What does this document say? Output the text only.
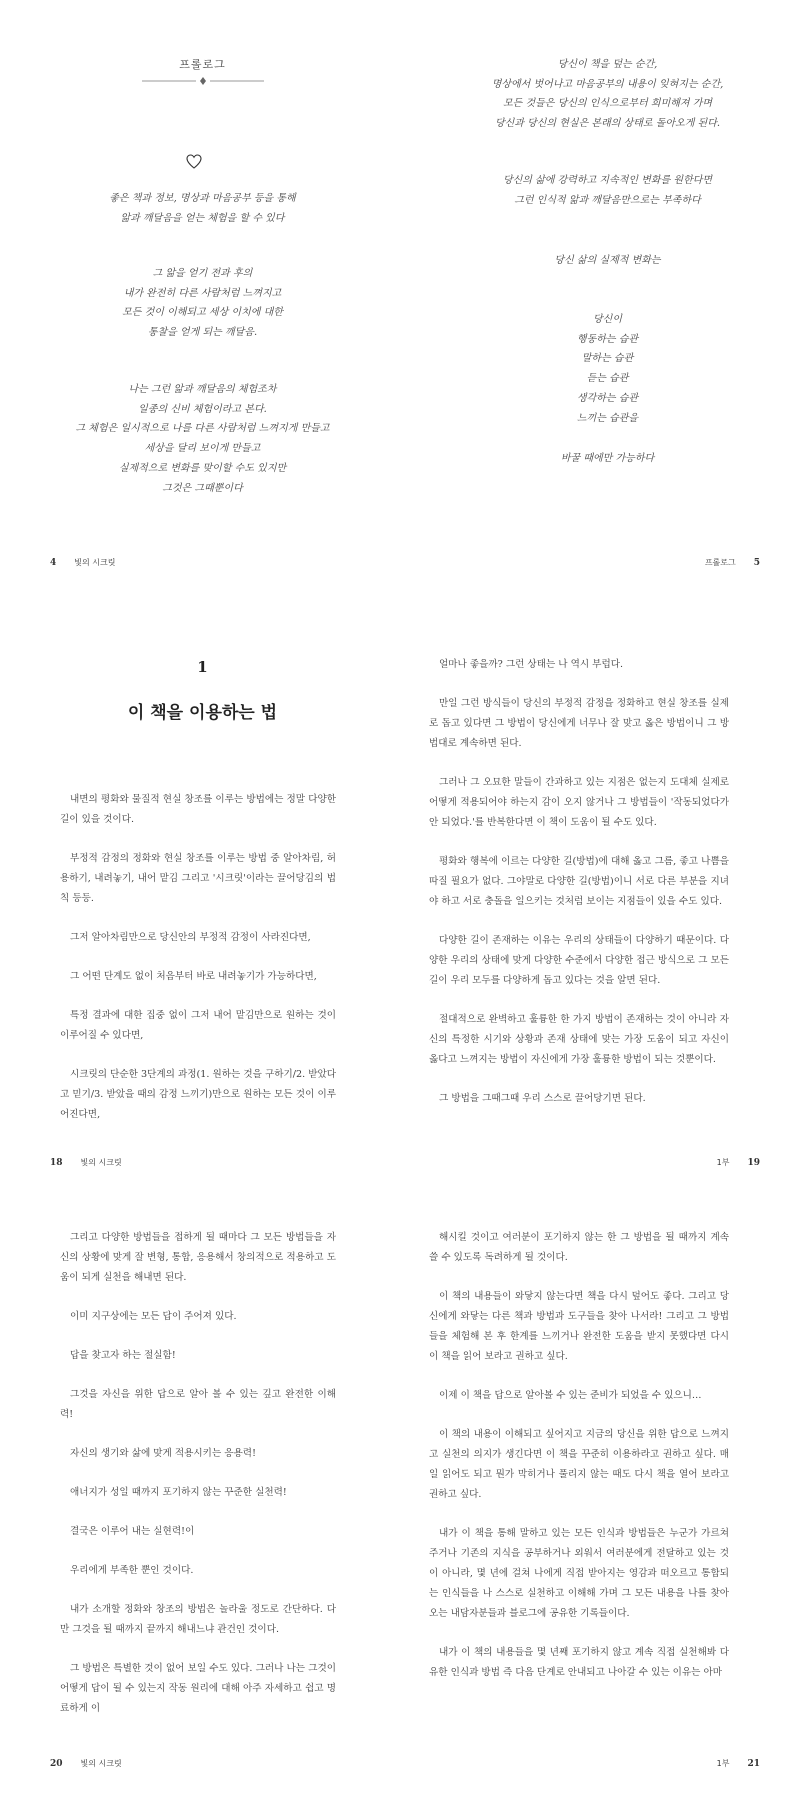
프롤로그

좋은 책과 정보, 명상과 마음공부 등을 통해

앎과 깨달음을 얻는 체험을 할 수 있다

그 앎을 얻기 전과 후의

내가 완전히 다른 사람처럼 느껴지고

모든 것이 이해되고 세상 이치에 대한

통찰을 얻게 되는 깨달음.

나는 그런 앎과 깨달음의 체험조차

일종의 신비 체험이라고 본다.

그 체험은 일시적으로 나를 다른 사람처럼 느껴지게 만들고

세상을 달리 보이게 만들고

실제적으로 변화를 맞이할 수도 있지만

그것은 그때뿐이다

4 빛의 시크릿

당신이 책을 덮는 순간,

명상에서 벗어나고 마음공부의 내용이 잊혀지는 순간,

모든 것들은 당신의 인식으로부터 희미해져 가며

당신과 당신의 현실은 본래의 상태로 돌아오게 된다.

당신의 삶에 강력하고 지속적인 변화를 원한다면

그런 인식적 앎과 깨달음만으로는 부족하다

당신 삶의 실제적 변화는

당신이

행동하는 습관

말하는 습관

듣는 습관

생각하는 습관

느끼는 습관을

바꿀 때에만 가능하다

프롤로그 5
1
이 책을 이용하는 법

내면의 평화와 물질적 현실 창조를 이루는 방법에는 정말 다양한 길이 있을 것이다.

부정적 감정의 정화와 현실 창조를 이루는 방법 중 알아차림, 허용하기, 내려놓기, 내어 맡김 그리고 '시크릿'이라는 끌어당김의 법칙 등등.

그저 알아차림만으로 당신안의 부정적 감정이 사라진다면,

그 어떤 단계도 없이 처음부터 바로 내려놓기가 가능하다면,

특정 결과에 대한 집중 없이 그저 내어 맡김만으로 원하는 것이 이루어질 수 있다면,

시크릿의 단순한 3단계의 과정(1. 원하는 것을 구하기/2. 받았다고 믿기/3. 받았을 때의 감정 느끼기)만으로 원하는 모든 것이 이루어진다면,

18 빛의 시크릿

얼마나 좋을까? 그런 상태는 나 역시 부럽다.

만일 그런 방식들이 당신의 부정적 감정을 정화하고 현실 창조를 실제로 돕고 있다면 그 방법이 당신에게 너무나 잘 맞고 옳은 방법이니 그 방법대로 계속하면 된다.

그러나 그 오묘한 말들이 간과하고 있는 지점은 없는지 도대체 실제로 어떻게 적용되어야 하는지 감이 오지 않거나 그 방법들이 '작동되었다가 안 되었다.'를 반복한다면 이 책이 도움이 될 수도 있다.

평화와 행복에 이르는 다양한 길(방법)에 대해 옳고 그름, 좋고 나쁨을 따질 필요가 없다. 그야말로 다양한 길(방법)이니 서로 다른 부분을 지녀야 하고 서로 충돌을 일으키는 것처럼 보이는 지점들이 있을 수도 있다.

다양한 길이 존재하는 이유는 우리의 상태들이 다양하기 때문이다. 다양한 우리의 상태에 맞게 다양한 수준에서 다양한 접근 방식으로 그 모든 길이 우리 모두를 다양하게 돕고 있다는 것을 알면 된다.

절대적으로 완벽하고 훌륭한 한 가지 방법이 존재하는 것이 아니라 자신의 특정한 시기와 상황과 존재 상태에 맞는 가장 도움이 되고 자신이 옳다고 느껴지는 방법이 자신에게 가장 훌륭한 방법이 되는 것뿐이다.

그 방법을 그때그때 우리 스스로 끌어당기면 된다.

1부 19

그리고 다양한 방법들을 접하게 될 때마다 그 모든 방법들을 자신의 상황에 맞게 잘 변형, 통합, 응용해서 창의적으로 적용하고 도움이 되게 실천을 해내면 된다.

이미 지구상에는 모든 답이 주어져 있다.

답을 찾고자 하는 절실함!

그것을 자신을 위한 답으로 알아 볼 수 있는 깊고 완전한 이해력!

자신의 생기와 삶에 맞게 적용시키는 응용력!

애너지가 성일 때까지 포기하지 않는 꾸준한 실천력!

결국은 이루어 내는 실현력!이

우리에게 부족한 뿐인 것이다.

내가 소개할 정화와 창조의 방법은 놀라울 정도로 간단하다. 다만 그것을 될 때까지 끝까지 해내느냐 관건인 것이다.

그 방법은 특별한 것이 없어 보일 수도 있다. 그러나 나는 그것이 어떻게 답이 될 수 있는지 작동 원리에 대해 아주 자세하고 쉽고 명료하게 이

20 빛의 시크릿

해시킬 것이고 여러분이 포기하지 않는 한 그 방법을 될 때까지 계속 쓸 수 있도록 독려하게 될 것이다.

이 책의 내용들이 와닿지 않는다면 책을 다시 덮어도 좋다. 그리고 당신에게 와닿는 다른 책과 방법과 도구들을 찾아 나서라! 그리고 그 방법들을 체험해 본 후 한계를 느끼거나 완전한 도움을 받지 못했다면 다시 이 책을 읽어 보라고 권하고 싶다.

이제 이 책을 답으로 알아볼 수 있는 준비가 되었을 수 있으니…

이 책의 내용이 이해되고 싶어지고 지금의 당신을 위한 답으로 느껴지고 실천의 의지가 생긴다면 이 책을 꾸준히 이용하라고 권하고 싶다. 매일 읽어도 되고 뭔가 막히거나 풀리지 않는 때도 다시 책을 열어 보라고 권하고 싶다.

내가 이 책을 통해 말하고 있는 모든 인식과 방법들은 누군가 가르쳐 주거나 기존의 지식을 공부하거나 외워서 여러분에게 전달하고 있는 것이 아니라, 몇 년에 걸쳐 나에게 직접 받아지는 영감과 떠오르고 통합되는 인식들을 나 스스로 실천하고 이해해 가며 그 모든 내용을 나를 찾아오는 내담자분들과 블로그에 공유한 기록들이다.

내가 이 책의 내용들을 몇 년째 포기하지 않고 계속 직접 실천해봐 다 유한 인식과 방법 즉 다음 단계로 안내되고 나아갈 수 있는 이유는 아마

1부 21
